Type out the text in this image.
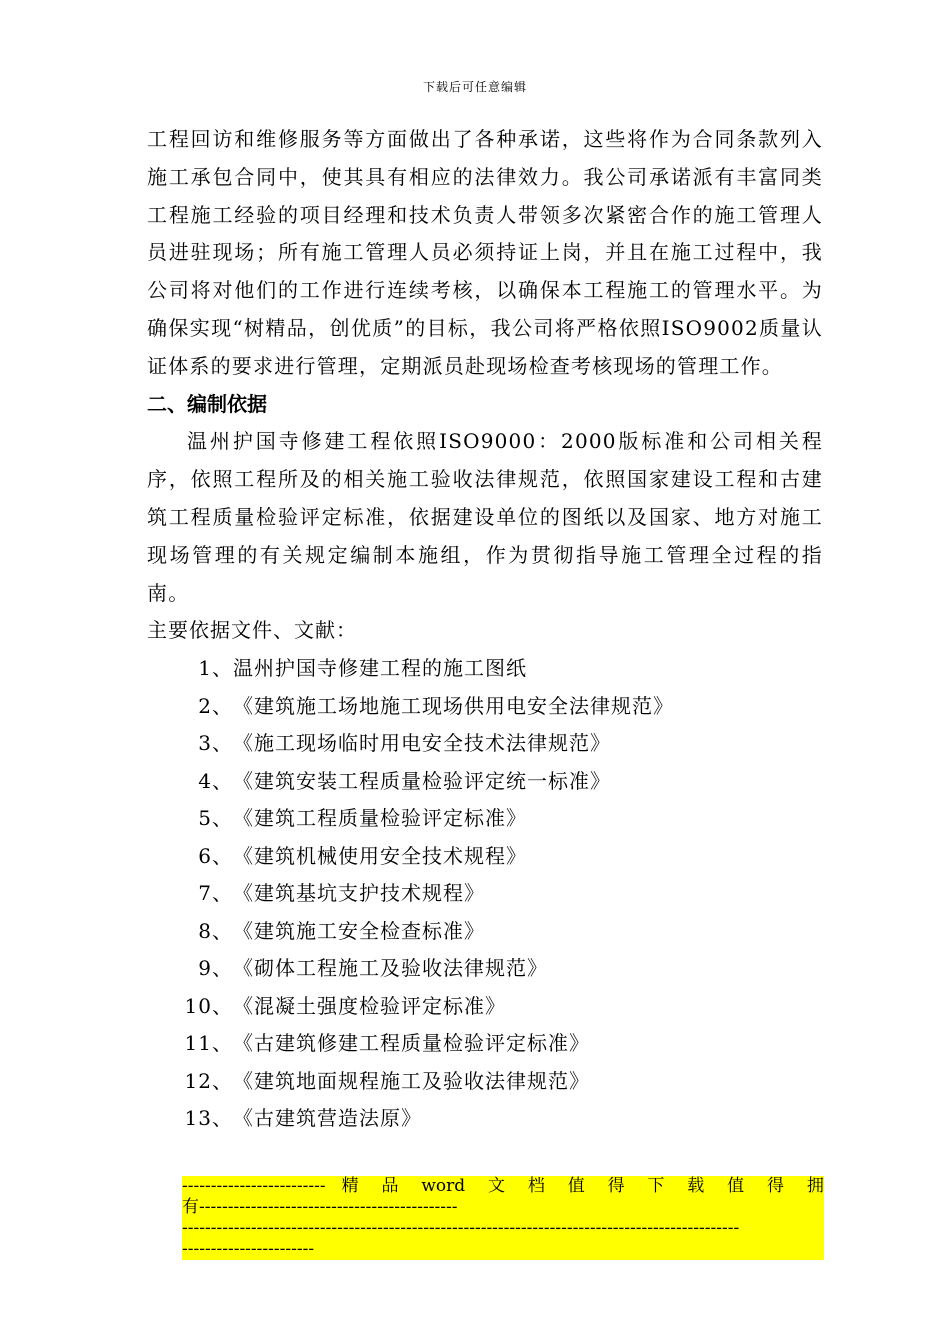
下载后可任意编辑

工程回访和维修服务等方面做出了各种承诺，这些将作为合同条款列入施工承包合同中，使其具有相应的法律效力。我公司承诺派有丰富同类工程施工经验的项目经理和技术负责人带领多次紧密合作的施工管理人员进驻现场；所有施工管理人员必须持证上岗，并且在施工过程中，我公司将对他们的工作进行连续考核，以确保本工程施工的管理水平。为确保实现“树精品，创优质”的目标，我公司将严格依照ISO9002质量认证体系的要求进行管理，定期派员赴现场检查考核现场的管理工作。

二、编制依据

温州护国寺修建工程依照ISO9000：2000版标准和公司相关程序，依照工程所及的相关施工验收法律规范，依照国家建设工程和古建筑工程质量检验评定标准，依据建设单位的图纸以及国家、地方对施工现场管理的有关规定编制本施组，作为贯彻指导施工管理全过程的指南。

主要依据文件、文献：

1、温州护国寺修建工程的施工图纸
2、《建筑施工场地施工现场供用电安全法律规范》
3、《施工现场临时用电安全技术法律规范》
4、《建筑安装工程质量检验评定统一标准》
5、《建筑工程质量检验评定标准》
6、《建筑机械使用安全技术规程》
7、《建筑基坑支护技术规程》
8、《建筑施工安全检查标准》
9、《砌体工程施工及验收法律规范》
10、《混凝土强度检验评定标准》
11、《古建筑修建工程质量检验评定标准》
12、《建筑地面规程施工及验收法律规范》
13、《古建筑营造法原》
------------------------- 精 品 word 文 档 值 得 下 载 值 得 拥
有---------------------------------------------
-------------------------------------------------------------------------------------------------
-----------------------
